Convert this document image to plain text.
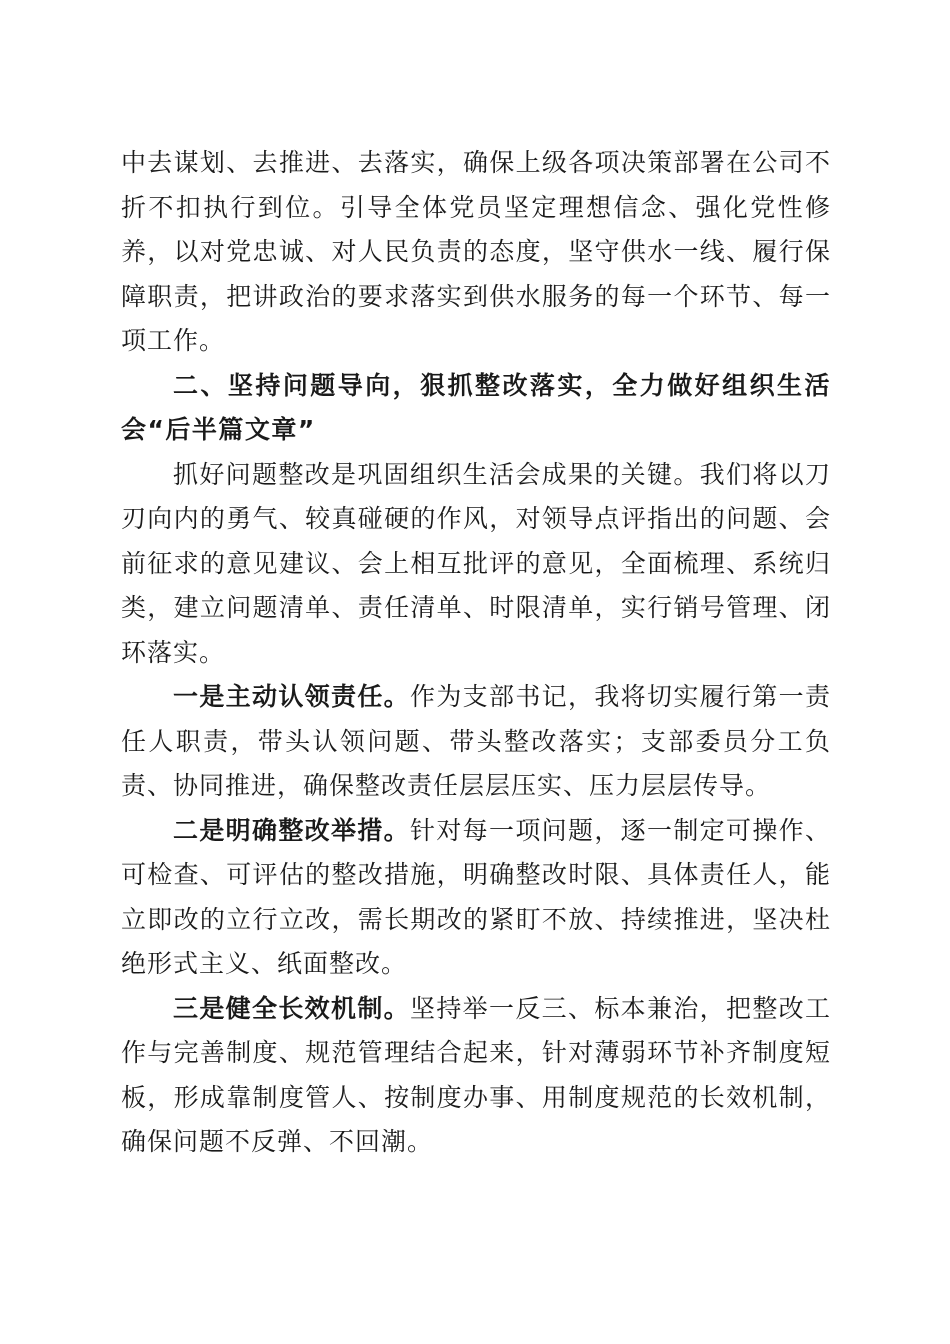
中去谋划、去推进、去落实，确保上级各项决策部署在公司不折不扣执行到位。引导全体党员坚定理想信念、强化党性修养，以对党忠诚、对人民负责的态度，坚守供水一线、履行保障职责，把讲政治的要求落实到供水服务的每一个环节、每一项工作。

二、坚持问题导向，狠抓整改落实，全力做好组织生活会“后半篇文章”

抓好问题整改是巩固组织生活会成果的关键。我们将以刀刃向内的勇气、较真碰硬的作风，对领导点评指出的问题、会前征求的意见建议、会上相互批评的意见，全面梳理、系统归类，建立问题清单、责任清单、时限清单，实行销号管理、闭环落实。

一是主动认领责任。作为支部书记，我将切实履行第一责任人职责，带头认领问题、带头整改落实；支部委员分工负责、协同推进，确保整改责任层层压实、压力层层传导。

二是明确整改举措。针对每一项问题，逐一制定可操作、可检查、可评估的整改措施，明确整改时限、具体责任人，能立即改的立行立改，需长期改的紧盯不放、持续推进，坚决杜绝形式主义、纸面整改。

三是健全长效机制。坚持举一反三、标本兼治，把整改工作与完善制度、规范管理结合起来，针对薄弱环节补齐制度短板，形成靠制度管人、按制度办事、用制度规范的长效机制，确保问题不反弹、不回潮。
